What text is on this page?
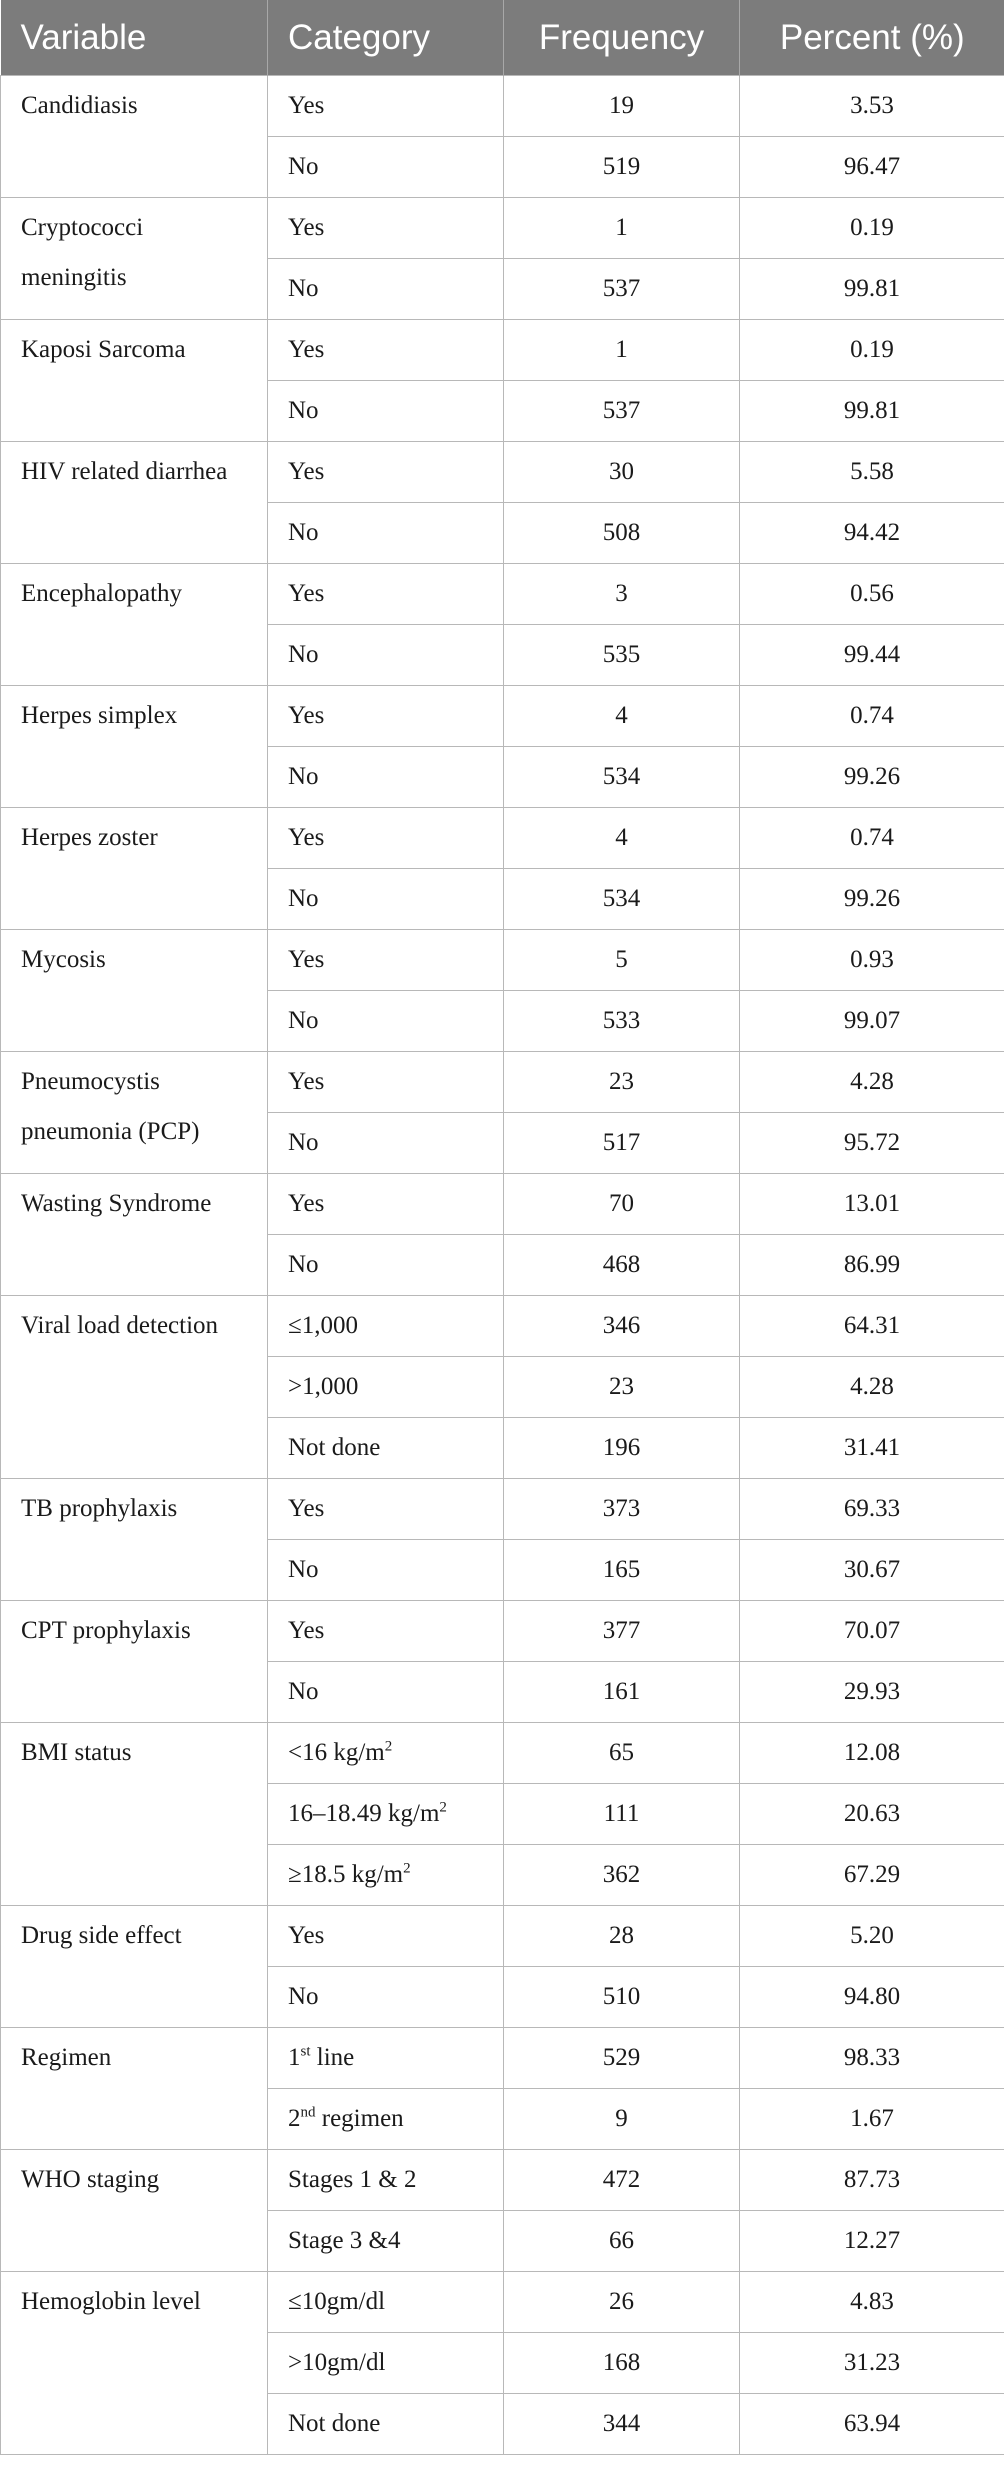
Variable	Category	Frequency	Percent (%)
Candidiasis	Yes	19	3.53
	No	519	96.47
Cryptococci meningitis	Yes	1	0.19
	No	537	99.81
Kaposi Sarcoma	Yes	1	0.19
	No	537	99.81
HIV related diarrhea	Yes	30	5.58
	No	508	94.42
Encephalopathy	Yes	3	0.56
	No	535	99.44
Herpes simplex	Yes	4	0.74
	No	534	99.26
Herpes zoster	Yes	4	0.74
	No	534	99.26
Mycosis	Yes	5	0.93
	No	533	99.07
Pneumocystis pneumonia (PCP)	Yes	23	4.28
	No	517	95.72
Wasting Syndrome	Yes	70	13.01
	No	468	86.99
Viral load detection	≤1,000	346	64.31
	>1,000	23	4.28
	Not done	196	31.41
TB prophylaxis	Yes	373	69.33
	No	165	30.67
CPT prophylaxis	Yes	377	70.07
	No	161	29.93
BMI status	<16 $kg/m^2$	65	12.08
	16–18.49 $kg/m^2$	111	20.63
	≥18.5 $kg/m^2$	362	67.29
Drug side effect	Yes	28	5.20
	No	510	94.80
Regimen	1st line	529	98.33
	2nd regimen	9	1.67
WHO staging	Stages 1 & 2	472	87.73
	Stage 3 &4	66	12.27
Hemoglobin level	≤10gm/dl	26	4.83
	>10gm/dl	168	31.23
	Not done	344	63.94
